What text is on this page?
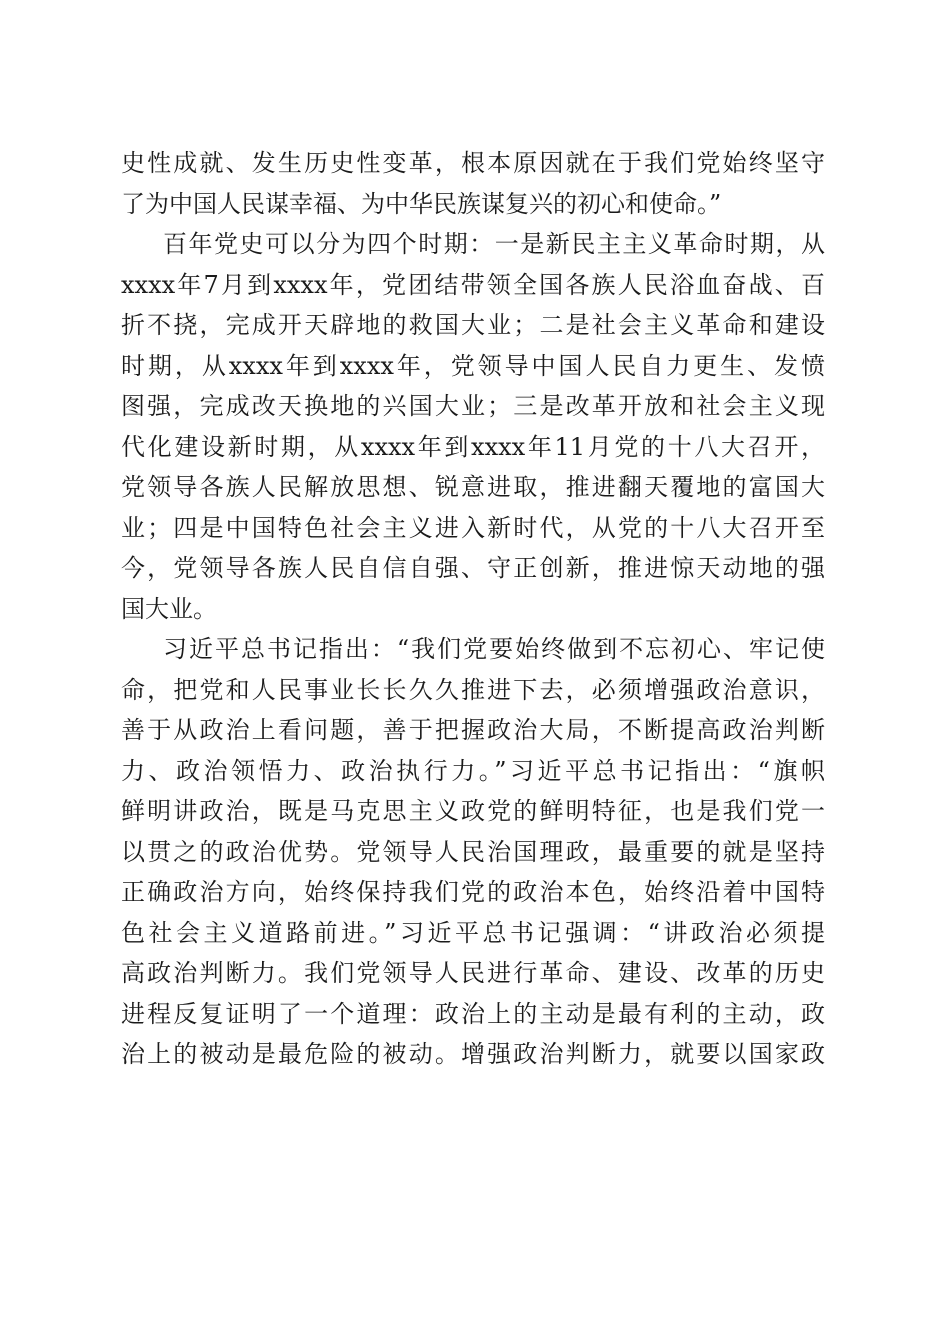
史性成就、发生历史性变革，根本原因就在于我们党始终坚守
了为中国人民谋幸福、为中华民族谋复兴的初心和使命。”
百年党史可以分为四个时期：一是新民主主义革命时期，从
xxxx年7月到xxxx年，党团结带领全国各族人民浴血奋战、百
折不挠，完成开天辟地的救国大业；二是社会主义革命和建设
时期，从xxxx年到xxxx年，党领导中国人民自力更生、发愤
图强，完成改天换地的兴国大业；三是改革开放和社会主义现
代化建设新时期，从xxxx年到xxxx年11月党的十八大召开，
党领导各族人民解放思想、锐意进取，推进翻天覆地的富国大
业；四是中国特色社会主义进入新时代，从党的十八大召开至
今，党领导各族人民自信自强、守正创新，推进惊天动地的强
国大业。
习近平总书记指出：“我们党要始终做到不忘初心、牢记使
命，把党和人民事业长长久久推进下去，必须增强政治意识，
善于从政治上看问题，善于把握政治大局，不断提高政治判断
力、政治领悟力、政治执行力。”习近平总书记指出：“旗帜
鲜明讲政治，既是马克思主义政党的鲜明特征，也是我们党一
以贯之的政治优势。党领导人民治国理政，最重要的就是坚持
正确政治方向，始终保持我们党的政治本色，始终沿着中国特
色社会主义道路前进。”习近平总书记强调：“讲政治必须提
高政治判断力。我们党领导人民进行革命、建设、改革的历史
进程反复证明了一个道理：政治上的主动是最有利的主动，政
治上的被动是最危险的被动。增强政治判断力，就要以国家政
